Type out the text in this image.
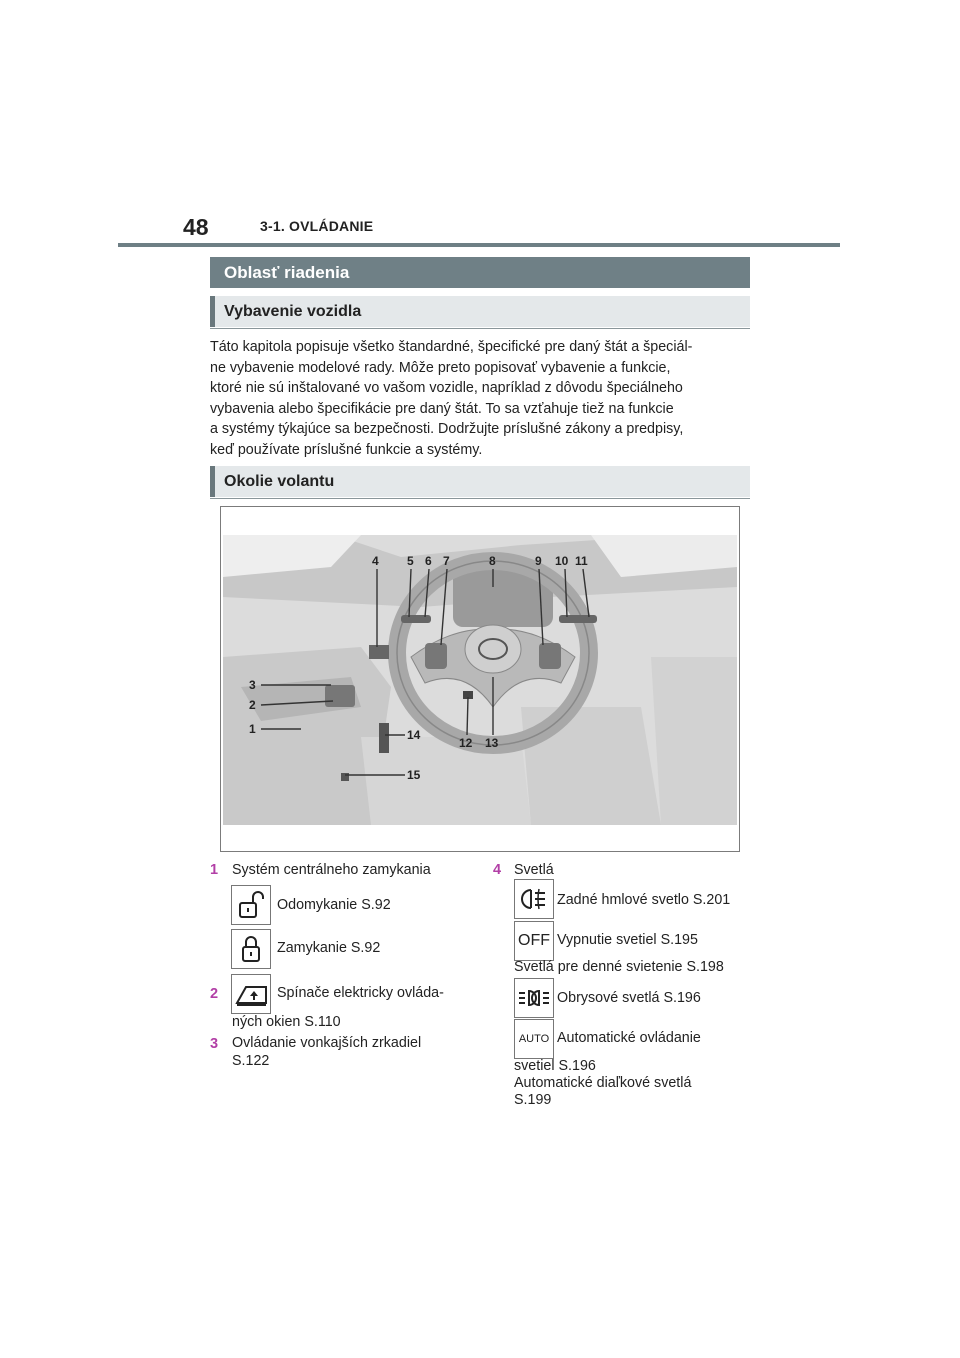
48	3-1. OVLÁDANIE
Oblasť riadenia
Vybavenie vozidla
Táto kapitola popisuje všetko štandardné, špecifické pre daný štát a špeciál-
ne vybavenie modelové rady. Môže preto popisovať vybavenie a funkcie,
ktoré nie sú inštalované vo vašom vozidle, napríklad z dôvodu špeciálneho
vybavenia alebo špecifikácie pre daný štát. To sa vzťahuje tiež na funkcie
a systémy týkajúce sa bezpečnosti. Dodržujte príslušné zákony a predpisy,
keď používate príslušné funkcie a systémy.
Okolie volantu
4 5 6 7	8	9 10 11
3
2
1
12 13
14
15
1 Systém centrálneho zamykania
Odomykanie S.92
Zamykanie S.92
2	Spínače elektricky ovláda-
ných okien S.110
3 Ovládanie vonkajších zrkadiel
S.122
4 Svetlá
Zadné hmlové svetlo S.201
OFF Vypnutie svetiel S.195
Svetlá pre denné svietenie S.198
Obrysové svetlá S.196
AUTO Automatické ovládanie
svetiel S.196
Automatické diaľkové svetlá
S.199
